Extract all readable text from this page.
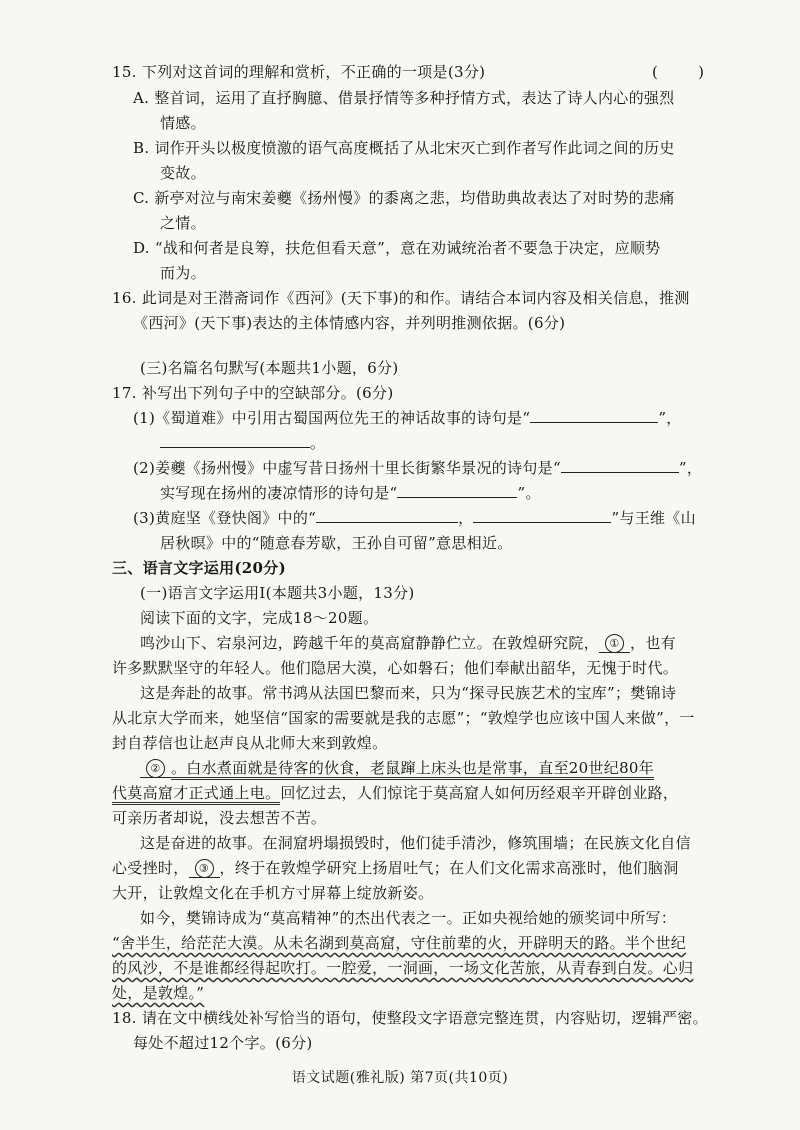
15. 下列对这首词的理解和赏析，不正确的一项是(3分)	(	)
A. 整首词，运用了直抒胸臆、借景抒情等多种抒情方式，表达了诗人内心的强烈
情感。
B. 词作开头以极度愤激的语气高度概括了从北宋灭亡到作者写作此词之间的历史
变故。
C. 新亭对泣与南宋姜夔《扬州慢》的黍离之悲，均借助典故表达了对时势的悲痛
之情。
D. “战和何者是良筹，扶危但看天意”，意在劝诫统治者不要急于决定，应顺势
而为。
16. 此词是对王潜斋词作《西河》(天下事)的和作。请结合本词内容及相关信息，推测
《西河》(天下事)表达的主体情感内容，并列明推测依据。(6分)
(三)名篇名句默写(本题共1小题，6分)
17. 补写出下列句子中的空缺部分。(6分)
(1)《蜀道难》中引用古蜀国两位先王的神话故事的诗句是“	”，
。
(2)姜夔《扬州慢》中虚写昔日扬州十里长街繁华景况的诗句是“	”，
实写现在扬州的凄凉情形的诗句是“	”。
(3)黄庭坚《登快阁》中的“	，	”与王维《山
居秋暝》中的“随意春芳歇，王孙自可留”意思相近。
三、语言文字运用(20分)
(一)语言文字运用Ⅰ(本题共3小题，13分)
阅读下面的文字，完成18～20题。
鸣沙山下、宕泉河边，跨越千年的莫高窟静静伫立。在敦煌研究院， ① ，也有
许多默默坚守的年轻人。他们隐居大漠，心如磐石；他们奉献出韶华，无愧于时代。
这是奔赴的故事。常书鸿从法国巴黎而来，只为“探寻民族艺术的宝库”；樊锦诗
从北京大学而来，她坚信“国家的需要就是我的志愿”；“敦煌学也应该中国人来做”，一
封自荐信也让赵声良从北师大来到敦煌。
② 。白水煮面就是待客的伙食，老鼠蹿上床头也是常事，直至20世纪80年
代莫高窟才正式通上电。回忆过去，人们惊诧于莫高窟人如何历经艰辛开辟创业路，
可亲历者却说，没去想苦不苦。
这是奋进的故事。在洞窟坍塌损毁时，他们徒手清沙，修筑围墙；在民族文化自信
心受挫时， ③ ，终于在敦煌学研究上扬眉吐气；在人们文化需求高涨时，他们脑洞
大开，让敦煌文化在手机方寸屏幕上绽放新姿。
如今，樊锦诗成为“莫高精神”的杰出代表之一。正如央视给她的颁奖词中所写：
“舍半生，给茫茫大漠。从未名湖到莫高窟，守住前辈的火，开辟明天的路。半个世纪
的风沙，不是谁都经得起吹打。一腔爱，一洞画，一场文化苦旅，从青春到白发。心归
处，是敦煌。”
18. 请在文中横线处补写恰当的语句，使整段文字语意完整连贯，内容贴切，逻辑严密。
每处不超过12个字。(6分)
语文试题(雅礼版) 第7页(共10页)
